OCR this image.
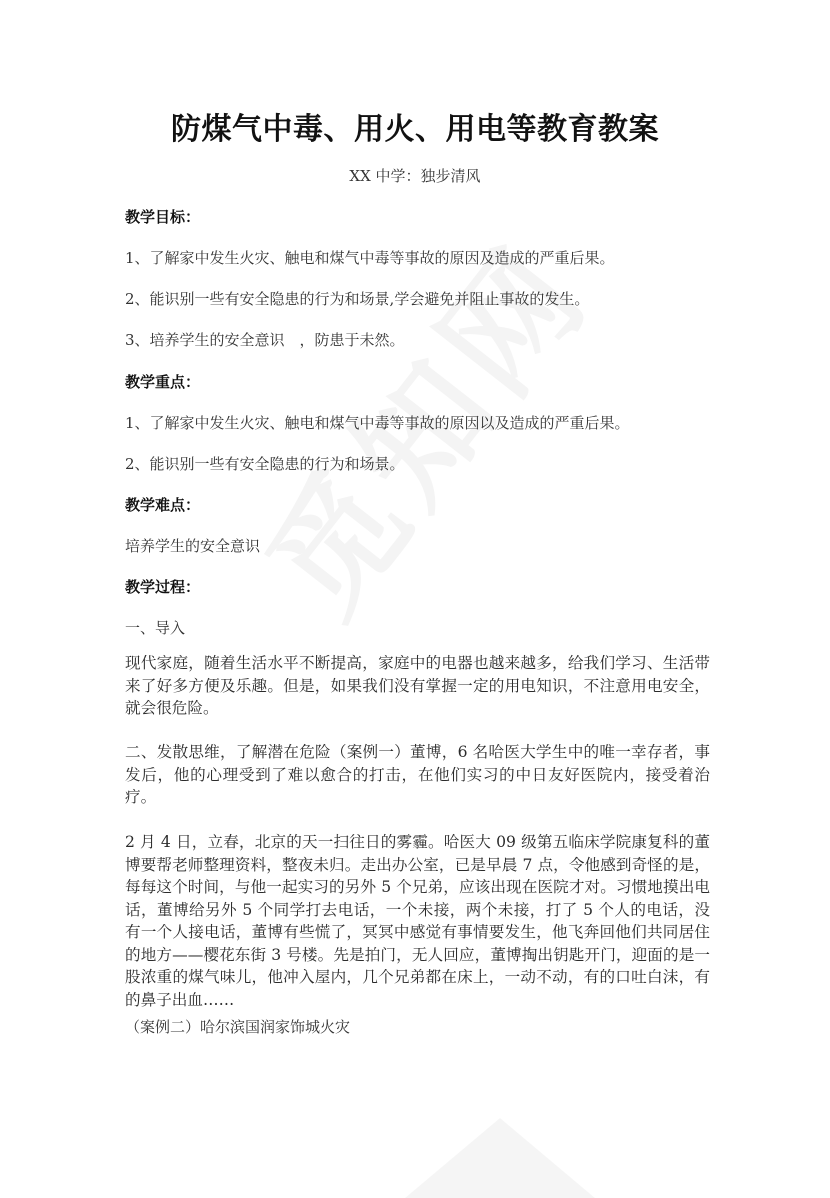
防煤气中毒、用火、用电等教育教案
XX 中学：独步清风
教学目标：

1、了解家中发生火灾、触电和煤气中毒等事故的原因及造成的严重后果。

2、能识别一些有安全隐患的行为和场景,学会避免并阻止事故的发生。

3、培养学生的安全意识　，防患于未然。

教学重点：

1、了解家中发生火灾、触电和煤气中毒等事故的原因以及造成的严重后果。

2、能识别一些有安全隐患的行为和场景。

教学难点：

培养学生的安全意识

教学过程：

一、导入

现代家庭，随着生活水平不断提高，家庭中的电器也越来越多，给我们学习、生活带来了好多方便及乐趣。但是，如果我们没有掌握一定的用电知识，不注意用电安全，就会很危险。

二、发散思维，了解潜在危险（案例一）董博，6 名哈医大学生中的唯一幸存者，事发后，他的心理受到了难以愈合的打击，在他们实习的中日友好医院内，接受着治疗。

2 月 4 日，立春，北京的天一扫往日的雾霾。哈医大 09 级第五临床学院康复科的董博要帮老师整理资料，整夜未归。走出办公室，已是早晨 7 点，令他感到奇怪的是，每每这个时间，与他一起实习的另外 5 个兄弟，应该出现在医院才对。习惯地摸出电话，董博给另外 5 个同学打去电话，一个未接，两个未接，打了 5 个人的电话，没有一个人接电话，董博有些慌了，冥冥中感觉有事情要发生，他飞奔回他们共同居住的地方——樱花东街 3 号楼。先是拍门，无人回应，董博掏出钥匙开门，迎面的是一股浓重的煤气味儿，他冲入屋内，几个兄弟都在床上，一动不动，有的口吐白沫，有的鼻子出血……

（案例二）哈尔滨国润家饰城火灾
